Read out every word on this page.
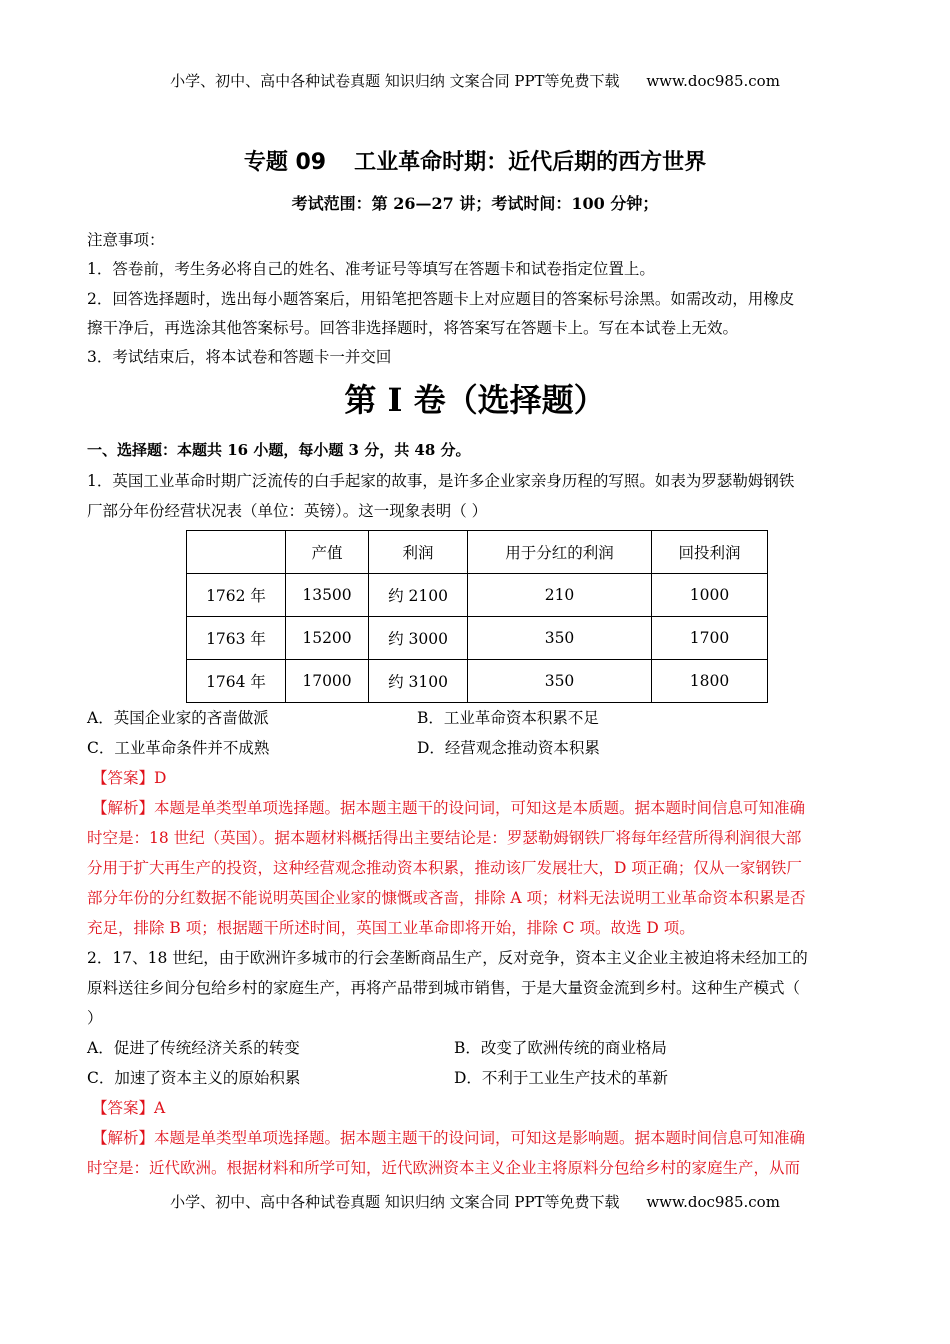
小学、初中、高中各种试卷真题 知识归纳 文案合同 PPT等免费下载 www.doc985.com
专题 09 工业革命时期：近代后期的西方世界
考试范围：第 26—27 讲；考试时间：100 分钟；
注意事项：
1．答卷前，考生务必将自己的姓名、准考证号等填写在答题卡和试卷指定位置上。
2．回答选择题时，选出每小题答案后，用铅笔把答题卡上对应题目的答案标号涂黑。如需改动，用橡皮
擦干净后，再选涂其他答案标号。回答非选择题时，将答案写在答题卡上。写在本试卷上无效。
3．考试结束后，将本试卷和答题卡一并交回
第 I 卷（选择题）
一、选择题：本题共 16 小题，每小题 3 分，共 48 分。
1．英国工业革命时期广泛流传的白手起家的故事，是许多企业家亲身历程的写照。如表为罗瑟勒姆钢铁
厂部分年份经营状况表（单位：英镑）。这一现象表明（ ）
	产值	利润	用于分红的利润	回投利润
1762 年	13500	约 2100	210	1000
1763 年	15200	约 3000	350	1700
1764 年	17000	约 3100	350	1800
A．英国企业家的吝啬做派	B．工业革命资本积累不足
C．工业革命条件并不成熟	D．经营观念推动资本积累
【答案】D
【解析】本题是单类型单项选择题。据本题主题干的设问词，可知这是本质题。据本题时间信息可知准确
时空是：18 世纪（英国）。据本题材料概括得出主要结论是：罗瑟勒姆钢铁厂将每年经营所得利润很大部
分用于扩大再生产的投资，这种经营观念推动资本积累，推动该厂发展壮大，D 项正确；仅从一家钢铁厂
部分年份的分红数据不能说明英国企业家的慷慨或吝啬，排除 A 项；材料无法说明工业革命资本积累是否
充足，排除 B 项；根据题干所述时间，英国工业革命即将开始，排除 C 项。故选 D 项。
2．17、18 世纪，由于欧洲许多城市的行会垄断商品生产，反对竞争，资本主义企业主被迫将未经加工的
原料送往乡间分包给乡村的家庭生产，再将产品带到城市销售，于是大量资金流到乡村。这种生产模式（
）
A．促进了传统经济关系的转变	B．改变了欧洲传统的商业格局
C．加速了资本主义的原始积累	D．不利于工业生产技术的革新
【答案】A
【解析】本题是单类型单项选择题。据本题主题干的设问词，可知这是影响题。据本题时间信息可知准确
时空是：近代欧洲。根据材料和所学可知，近代欧洲资本主义企业主将原料分包给乡村的家庭生产，从而
小学、初中、高中各种试卷真题 知识归纳 文案合同 PPT等免费下载 www.doc985.com
